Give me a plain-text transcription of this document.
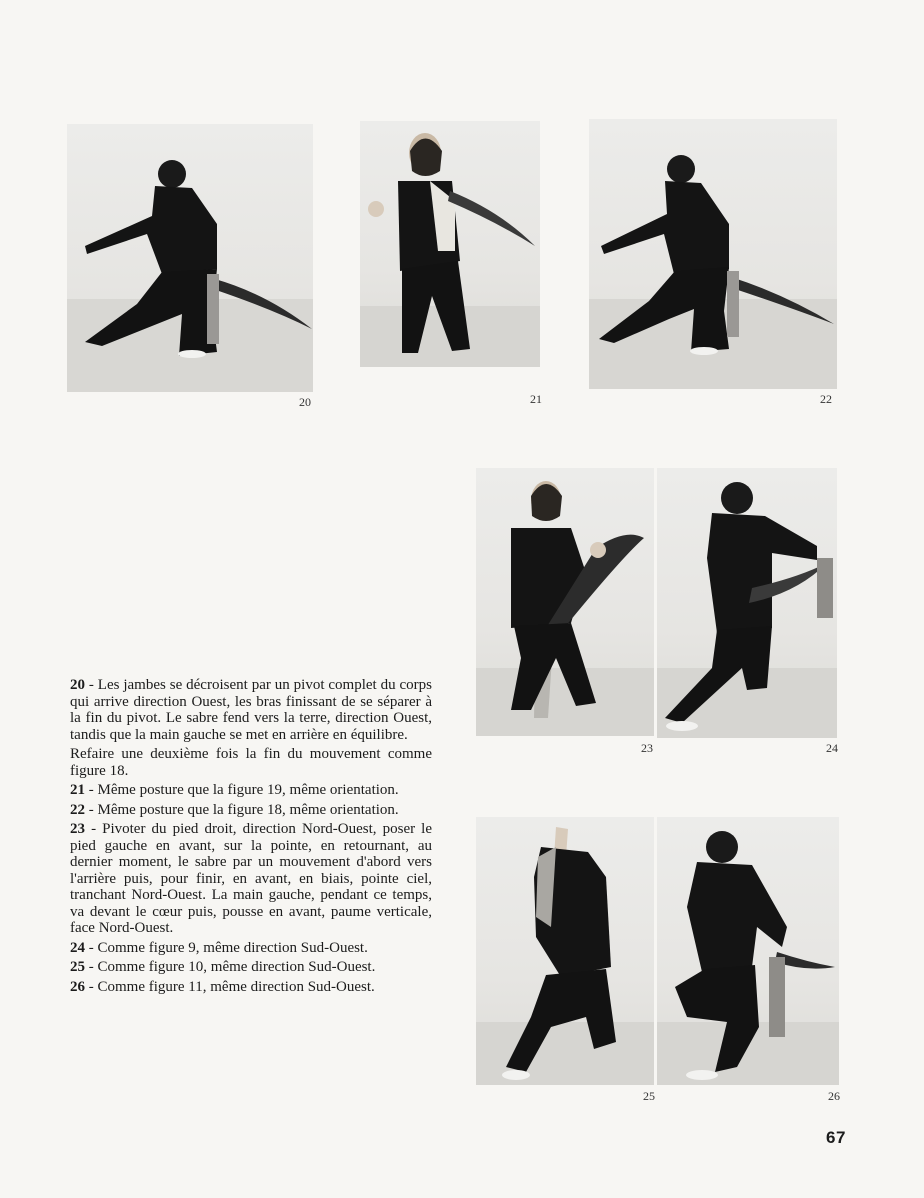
20	21	22
23	24
25	26

20 - Les jambes se décroisent par un pivot complet du corps qui arrive direction Ouest, les bras finissant de se séparer à la fin du pivot. Le sabre fend vers la terre, direction Ouest, tandis que la main gauche se met en arrière en équilibre.

Refaire une deuxième fois la fin du mouvement comme figure 18.

21 - Même posture que la figure 19, même orientation.

22 - Même posture que la figure 18, même orientation.

23 - Pivoter du pied droit, direction Nord-Ouest, poser le pied gauche en avant, sur la pointe, en retournant, au dernier moment, le sabre par un mouvement d'abord vers l'arrière puis, pour finir, en avant, en biais, pointe ciel, tranchant Nord-Ouest. La main gauche, pendant ce temps, va devant le cœur puis, pousse en avant, paume verticale, face Nord-Ouest.

24 - Comme figure 9, même direction Sud-Ouest.

25 - Comme figure 10, même direction Sud-Ouest.

26 - Comme figure 11, même direction Sud-Ouest.

67
